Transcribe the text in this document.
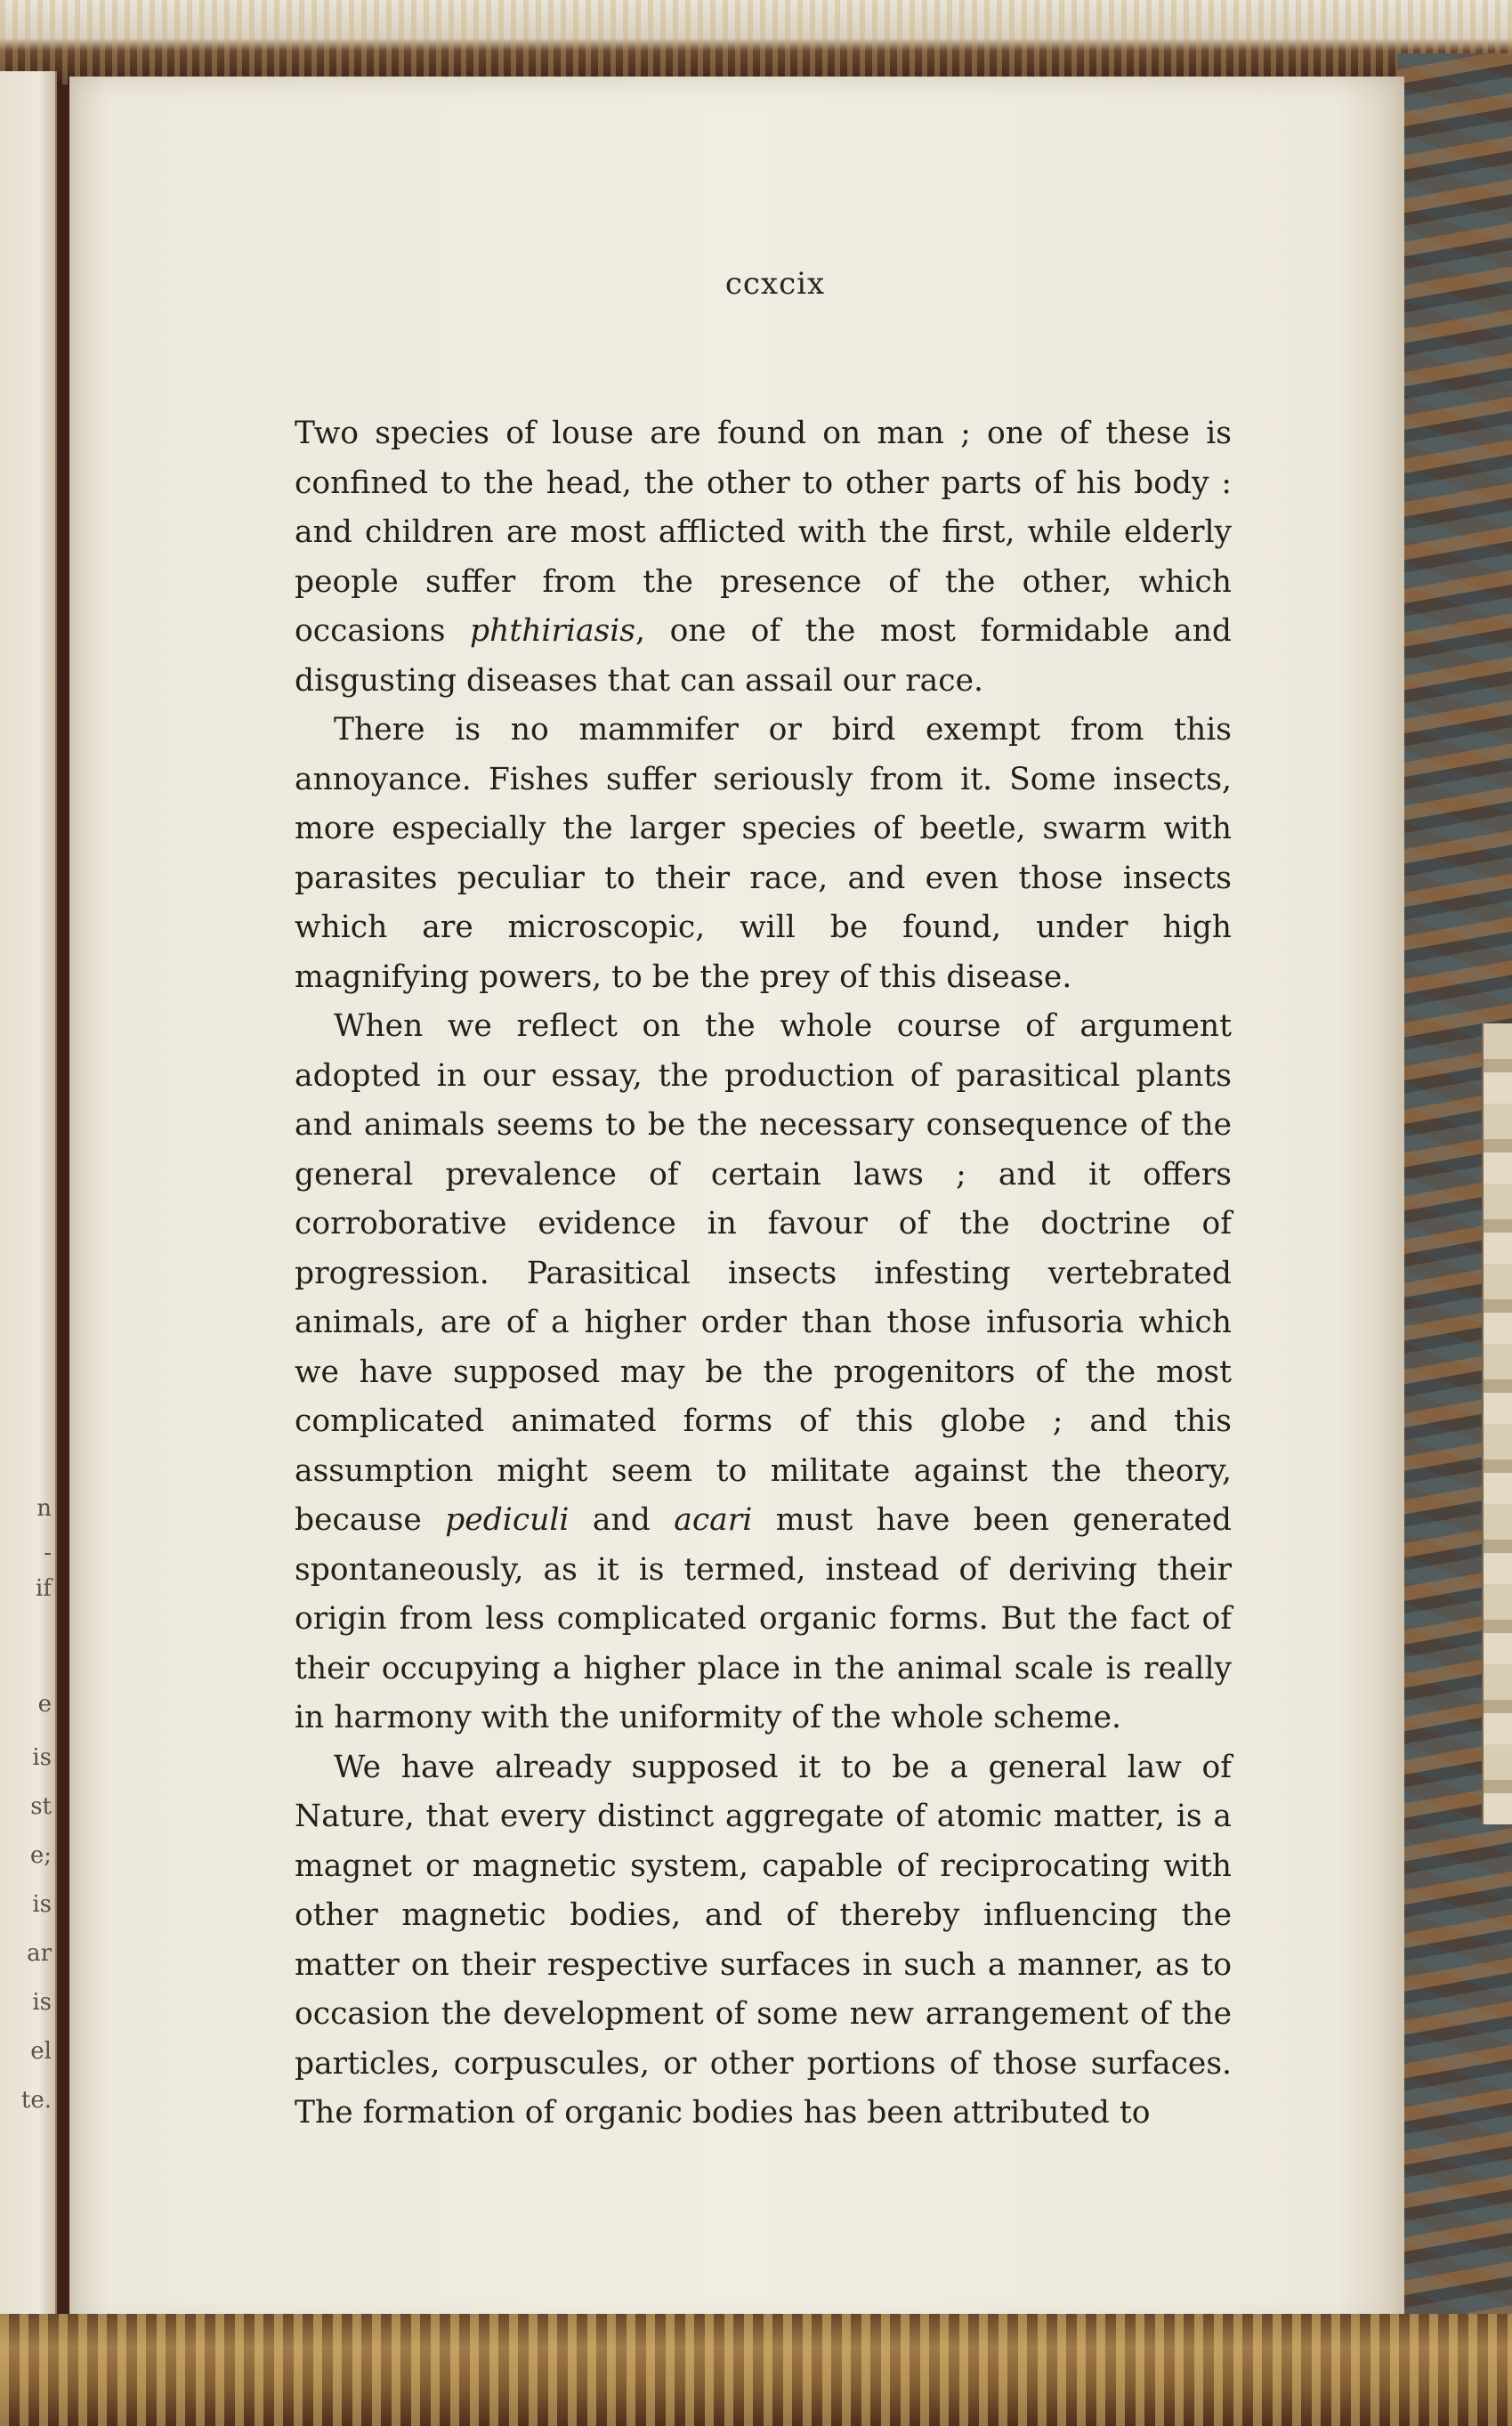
n
-
if
e
is
st
e;
is
ar
is
el
te.
ccxcix

Two species of louse are found on man ; one of these is confined to the head, the other to other parts of his body : and children are most afflicted with the first, while elderly people suffer from the presence of the other, which occasions phthiriasis, one of the most formidable and disgusting diseases that can assail our race.

There is no mammifer or bird exempt from this annoyance. Fishes suffer seriously from it. Some insects, more especially the larger species of beetle, swarm with parasites peculiar to their race, and even those insects which are microscopic, will be found, under high magnifying powers, to be the prey of this disease.

When we reflect on the whole course of argument adopted in our essay, the production of parasitical plants and animals seems to be the necessary consequence of the general prevalence of certain laws ; and it offers corroborative evidence in favour of the doctrine of progression. Parasitical insects infesting vertebrated animals, are of a higher order than those infusoria which we have supposed may be the progenitors of the most complicated animated forms of this globe ; and this assumption might seem to militate against the theory, because pediculi and acari must have been generated spontaneously, as it is termed, instead of deriving their origin from less complicated organic forms. But the fact of their occupying a higher place in the animal scale is really in harmony with the uniformity of the whole scheme.

We have already supposed it to be a general law of Nature, that every distinct aggregate of atomic matter, is a magnet or magnetic system, capable of reciprocating with other magnetic bodies, and of thereby influencing the matter on their respective surfaces in such a manner, as to occasion the development of some new arrangement of the particles, corpuscules, or other portions of those surfaces. The formation of organic bodies has been attributed to
